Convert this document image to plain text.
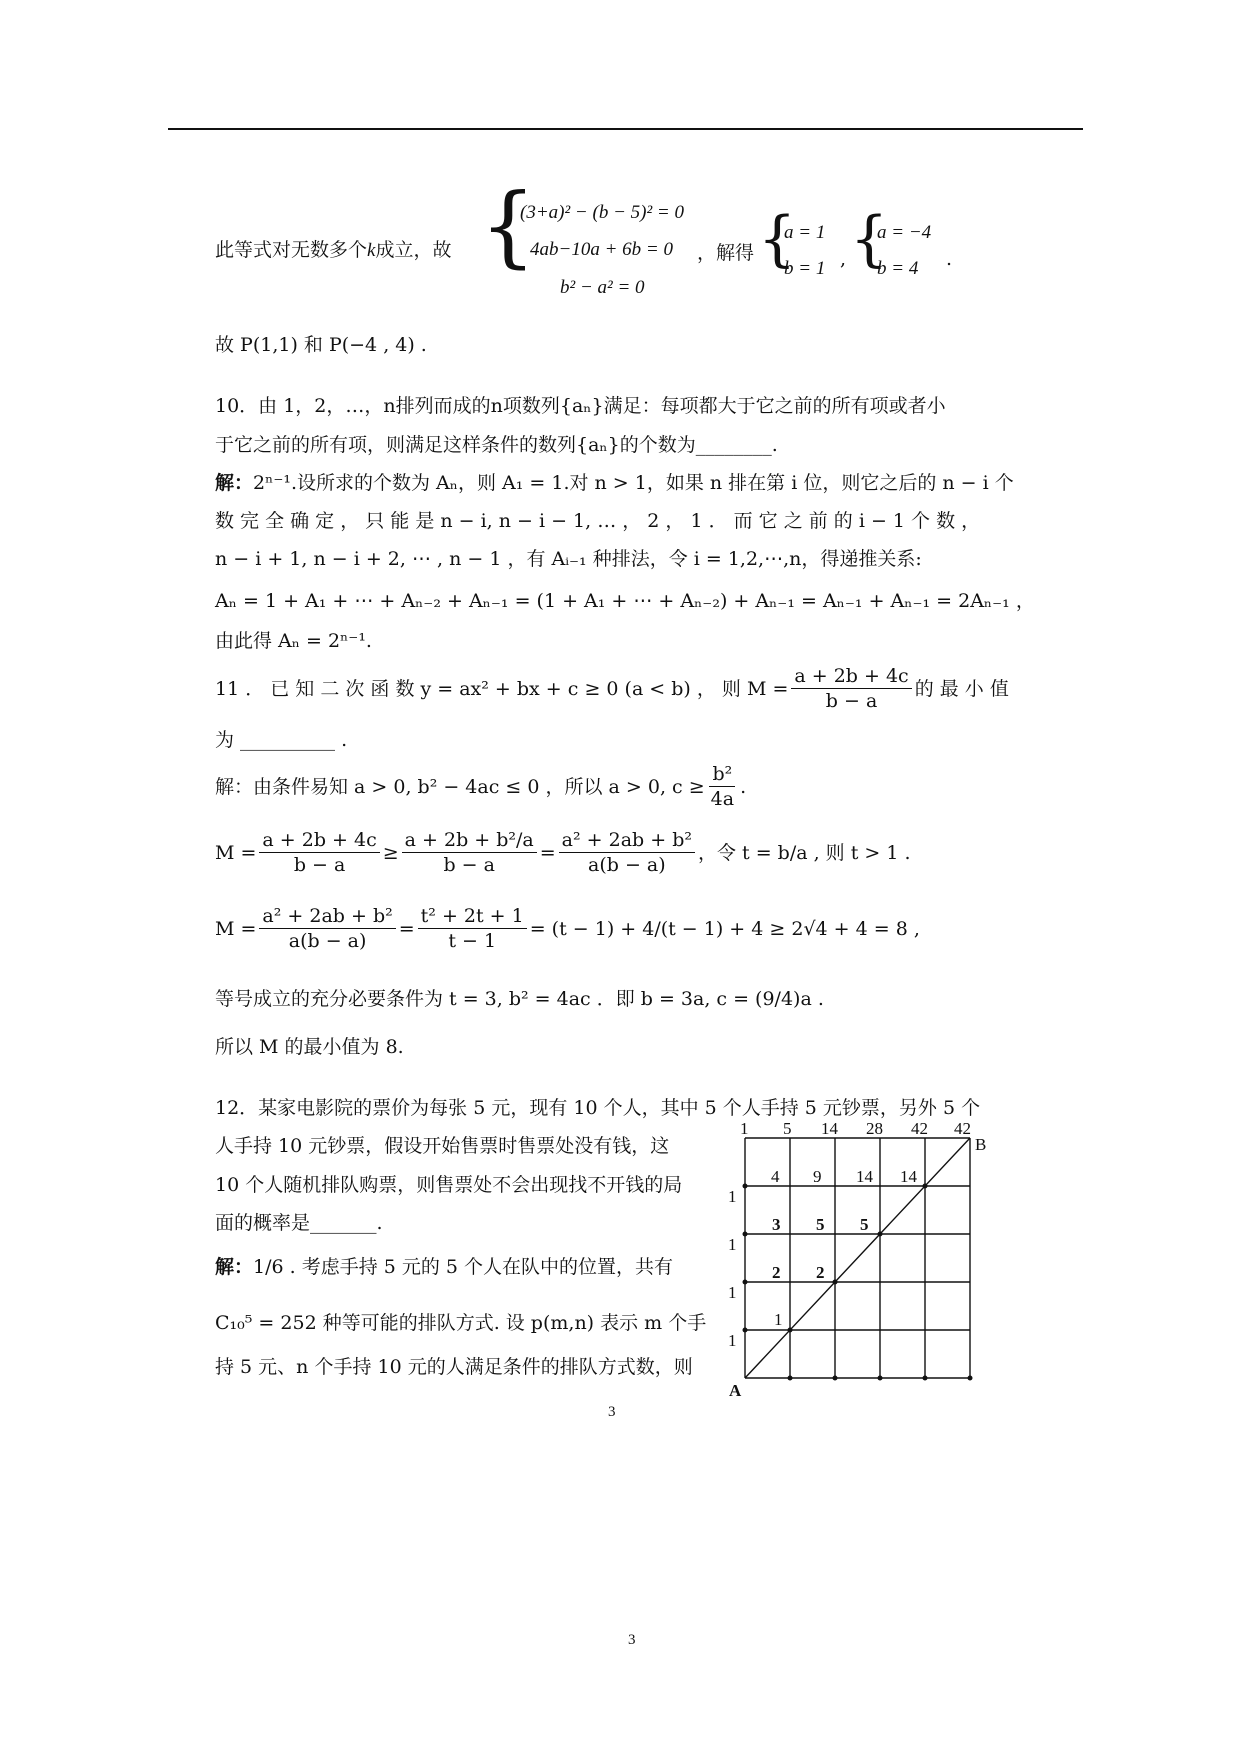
此等式对无数多个k成立，故 {
(3+a)² − (b − 5)² = 0
4ab−10a + 6b = 0
b² − a² = 0
，解得 {
a = 1
b = 1 , {
a = −4
b = 4 .
故 P(1,1) 和 P(−4 , 4) .
10．由 1，2，…，n排列而成的n项数列{aₙ}满足：每项都大于它之前的所有项或者小
于它之前的所有项，则满足这样条件的数列{aₙ}的个数为________.
解：2ⁿ⁻¹.设所求的个数为 Aₙ，则 A₁ = 1.对 n > 1，如果 n 排在第 i 位，则它之后的 n − i 个
数 完 全 确 定 ， 只 能 是 n − i, n − i − 1, … ， 2 ， 1 ． 而 它 之 前 的 i − 1 个 数 ，
n − i + 1, n − i + 2, ⋯ , n − 1 ，有 Aᵢ₋₁ 种排法，令 i = 1,2,⋯,n，得递推关系:
Aₙ = 1 + A₁ + ⋯ + Aₙ₋₂ + Aₙ₋₁ = (1 + A₁ + ⋯ + Aₙ₋₂) + Aₙ₋₁ = Aₙ₋₁ + Aₙ₋₁ = 2Aₙ₋₁ ，
由此得 Aₙ = 2ⁿ⁻¹.
11 ． 已 知 二 次 函 数 y = ax² + bx + c ≥ 0 (a < b) ， 则 $M = \frac{a + 2b + 4c}{b - a}$ 的 最 小 值
为 __________ .
解：由条件易知 a > 0, b² − 4ac ≤ 0 ，所以 a > 0, $c \ge \frac{\text{b²}}{4a}$ .
$M = \frac{a + 2b + 4c}{b - a} \ge \frac{\text{a + 2b + b²/a}}{b - a} = \frac{\text{a² + 2ab + b²}}{a(b - a)}$ ，令 t = b/a , 则 t > 1 .
$M = \frac{\text{a² + 2ab + b²}}{a(b - a)} = \frac{\text{t² + 2t + 1}}{t - 1} = (t - 1) + 4/(t - 1) + 4 \ge 2√4 + 4 = 8$ ,
等号成立的充分必要条件为 t = 3, b² = 4ac ．即 b = 3a, c = (9/4)a .
所以 M 的最小值为 8.
12．某家电影院的票价为每张 5 元，现有 10 个人，其中 5 个人手持 5 元钞票，另外 5 个
人手持 10 元钞票，假设开始售票时售票处没有钱，这
10 个人随机排队购票，则售票处不会出现找不开钱的局
面的概率是_______.
解：1/6 . 考虑手持 5 元的 5 个人在队中的位置，共有
C₁₀⁵ = 252 种等可能的排队方式. 设 p(m,n) 表示 m 个手
持 5 元、n 个手持 10 元的人满足条件的排队方式数，则
1 5 14 28 42 42
B
4 9 14 14
3 5 5
2 2
1
1
1
1
1
A
3
3
